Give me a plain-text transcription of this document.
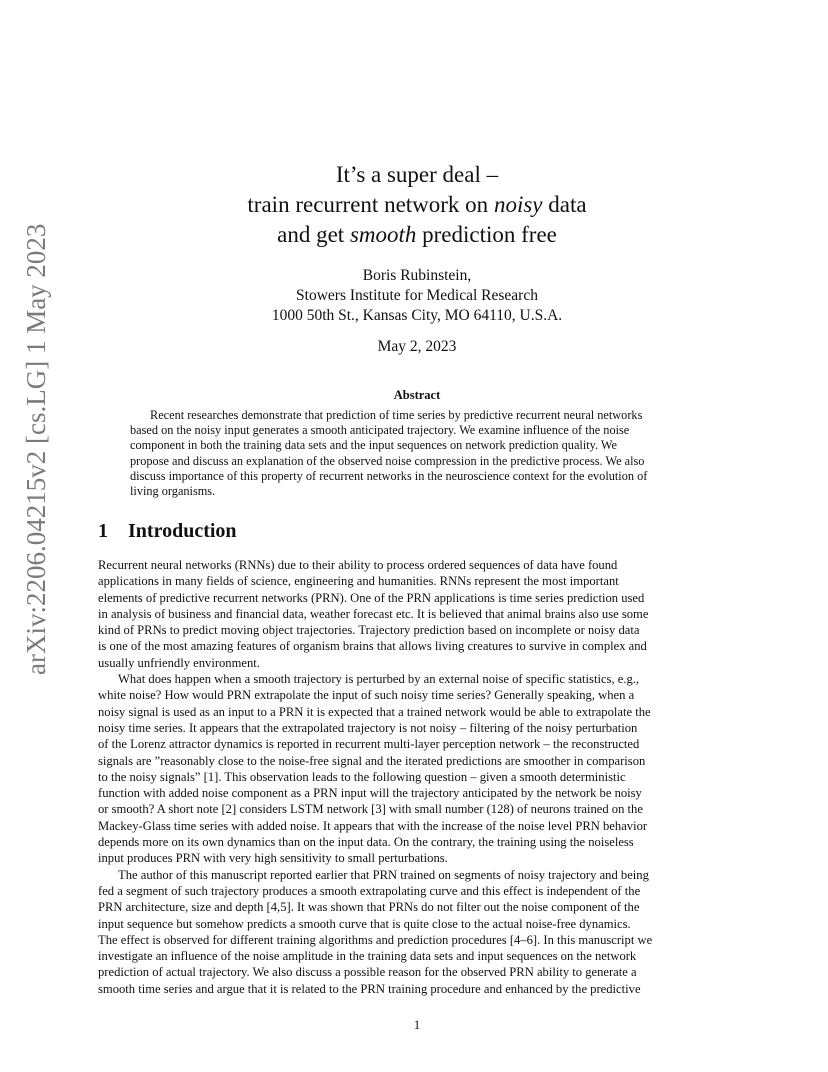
arXiv:2206.04215v2 [cs.LG] 1 May 2023
It’s a super deal –
train recurrent network on noisy data
and get smooth prediction free
Boris Rubinstein,
Stowers Institute for Medical Research
1000 50th St., Kansas City, MO 64110, U.S.A.
May 2, 2023
Abstract
Recent researches demonstrate that prediction of time series by predictive recurrent neural networks
based on the noisy input generates a smooth anticipated trajectory. We examine influence of the noise
component in both the training data sets and the input sequences on network prediction quality. We
propose and discuss an explanation of the observed noise compression in the predictive process. We also
discuss importance of this property of recurrent networks in the neuroscience context for the evolution of
living organisms.
1 Introduction
Recurrent neural networks (RNNs) due to their ability to process ordered sequences of data have found
applications in many fields of science, engineering and humanities. RNNs represent the most important
elements of predictive recurrent networks (PRN). One of the PRN applications is time series prediction used
in analysis of business and financial data, weather forecast etc. It is believed that animal brains also use some
kind of PRNs to predict moving object trajectories. Trajectory prediction based on incomplete or noisy data
is one of the most amazing features of organism brains that allows living creatures to survive in complex and
usually unfriendly environment.
What does happen when a smooth trajectory is perturbed by an external noise of specific statistics, e.g.,
white noise? How would PRN extrapolate the input of such noisy time series? Generally speaking, when a
noisy signal is used as an input to a PRN it is expected that a trained network would be able to extrapolate the
noisy time series. It appears that the extrapolated trajectory is not noisy – filtering of the noisy perturbation
of the Lorenz attractor dynamics is reported in recurrent multi-layer perception network – the reconstructed
signals are ”reasonably close to the noise-free signal and the iterated predictions are smoother in comparison
to the noisy signals” [1]. This observation leads to the following question – given a smooth deterministic
function with added noise component as a PRN input will the trajectory anticipated by the network be noisy
or smooth? A short note [2] considers LSTM network [3] with small number (128) of neurons trained on the
Mackey-Glass time series with added noise. It appears that with the increase of the noise level PRN behavior
depends more on its own dynamics than on the input data. On the contrary, the training using the noiseless
input produces PRN with very high sensitivity to small perturbations.
The author of this manuscript reported earlier that PRN trained on segments of noisy trajectory and being
fed a segment of such trajectory produces a smooth extrapolating curve and this effect is independent of the
PRN architecture, size and depth [4,5]. It was shown that PRNs do not filter out the noise component of the
input sequence but somehow predicts a smooth curve that is quite close to the actual noise-free dynamics.
The effect is observed for different training algorithms and prediction procedures [4–6]. In this manuscript we
investigate an influence of the noise amplitude in the training data sets and input sequences on the network
prediction of actual trajectory. We also discuss a possible reason for the observed PRN ability to generate a
smooth time series and argue that it is related to the PRN training procedure and enhanced by the predictive
1
